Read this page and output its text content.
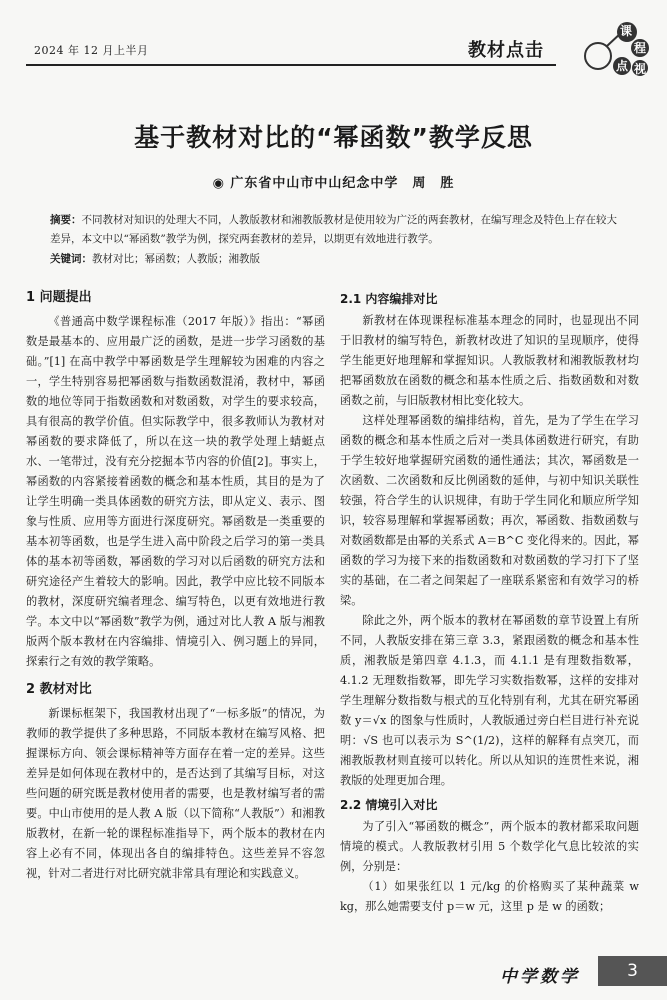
2024 年 12 月上半月	教材点击
课
程
点 视
基于教材对比的“幂函数”教学反思
◉ 广东省中山市中山纪念中学　周　胜
摘要：不同教材对知识的处理大不同，人教版教材和湘教版教材是使用较为广泛的两套教材，在编写理念及特色上存在较大差异，本文中以“幂函数”教学为例，探究两套教材的差异，以期更有效地进行教学。
关键词：教材对比；幂函数；人教版；湘教版
1 问题提出

《普通高中数学课程标准（2017 年版）》指出：“幂函数是最基本的、应用最广泛的函数，是进一步学习函数的基础。”[1] 在高中教学中幂函数是学生理解较为困难的内容之一，学生特别容易把幂函数与指数函数混淆，教材中，幂函数的地位等同于指数函数和对数函数，对学生的要求较高，具有很高的教学价值。但实际教学中，很多教师认为教材对幂函数的要求降低了，所以在这一块的教学处理上蜻蜓点水、一笔带过，没有充分挖掘本节内容的价值[2]。事实上，幂函数的内容紧接着函数的概念和基本性质，其目的是为了让学生明确一类具体函数的研究方法，即从定义、表示、图象与性质、应用等方面进行深度研究。幂函数是一类重要的基本初等函数，也是学生进入高中阶段之后学习的第一类具体的基本初等函数，幂函数的学习对以后函数的研究方法和研究途径产生着较大的影响。因此，教学中应比较不同版本的教材，深度研究编者理念、编写特色，以更有效地进行教学。本文中以“幂函数”教学为例，通过对比人教 A 版与湘教版两个版本教材在内容编排、情境引入、例习题上的异同，探索行之有效的教学策略。

2 教材对比

新课标框架下，我国教材出现了“一标多版”的情况，为教师的教学提供了多种思路，不同版本教材在编写风格、把握课标方向、领会课标精神等方面存在着一定的差异。这些差异是如何体现在教材中的，是否达到了其编写目标，对这些问题的研究既是教材使用者的需要，也是教材编写者的需要。中山市使用的是人教 A 版（以下简称“人教版”）和湘教版教材，在新一轮的课程标准指导下，两个版本的教材在内容上必有不同，体现出各自的编排特色。这些差异不容忽视，针对二者进行对比研究就非常具有理论和实践意义。

2.1 内容编排对比

新教材在体现课程标准基本理念的同时，也显现出不同于旧教材的编写特色，新教材改进了知识的呈现顺序，使得学生能更好地理解和掌握知识。人教版教材和湘教版教材均把幂函数放在函数的概念和基本性质之后、指数函数和对数函数之前，与旧版教材相比变化较大。

这样处理幂函数的编排结构，首先，是为了学生在学习函数的概念和基本性质之后对一类具体函数进行研究，有助于学生较好地掌握研究函数的通性通法；其次，幂函数是一次函数、二次函数和反比例函数的延伸，与初中知识关联性较强，符合学生的认识规律，有助于学生同化和顺应所学知识，较容易理解和掌握幂函数；再次，幂函数、指数函数与对数函数都是由幂的关系式 A＝B^C 变化得来的。因此，幂函数的学习为接下来的指数函数和对数函数的学习打下了坚实的基础，在二者之间架起了一座联系紧密和有效学习的桥梁。

除此之外，两个版本的教材在幂函数的章节设置上有所不同，人教版安排在第三章 3.3，紧跟函数的概念和基本性质，湘教版是第四章 4.1.3，而 4.1.1 是有理数指数幂，4.1.2 无理数指数幂，即先学习实数指数幂，这样的安排对学生理解分数指数与根式的互化特别有利，尤其在研究幂函数 y＝√x 的图象与性质时，人教版通过旁白栏目进行补充说明：√S 也可以表示为 S^(1/2)，这样的解释有点突兀，而湘教版教材则直接可以转化。所以从知识的连贯性来说，湘教版的处理更加合理。

2.2 情境引入对比

为了引入“幂函数的概念”，两个版本的教材都采取问题情境的模式。人教版教材引用 5 个数学化气息比较浓的实例，分别是：

（1）如果张红以 1 元/kg 的价格购买了某种蔬菜 w kg，那么她需要支付 p＝w 元，这里 p 是 w 的函数；

中学数学	3
